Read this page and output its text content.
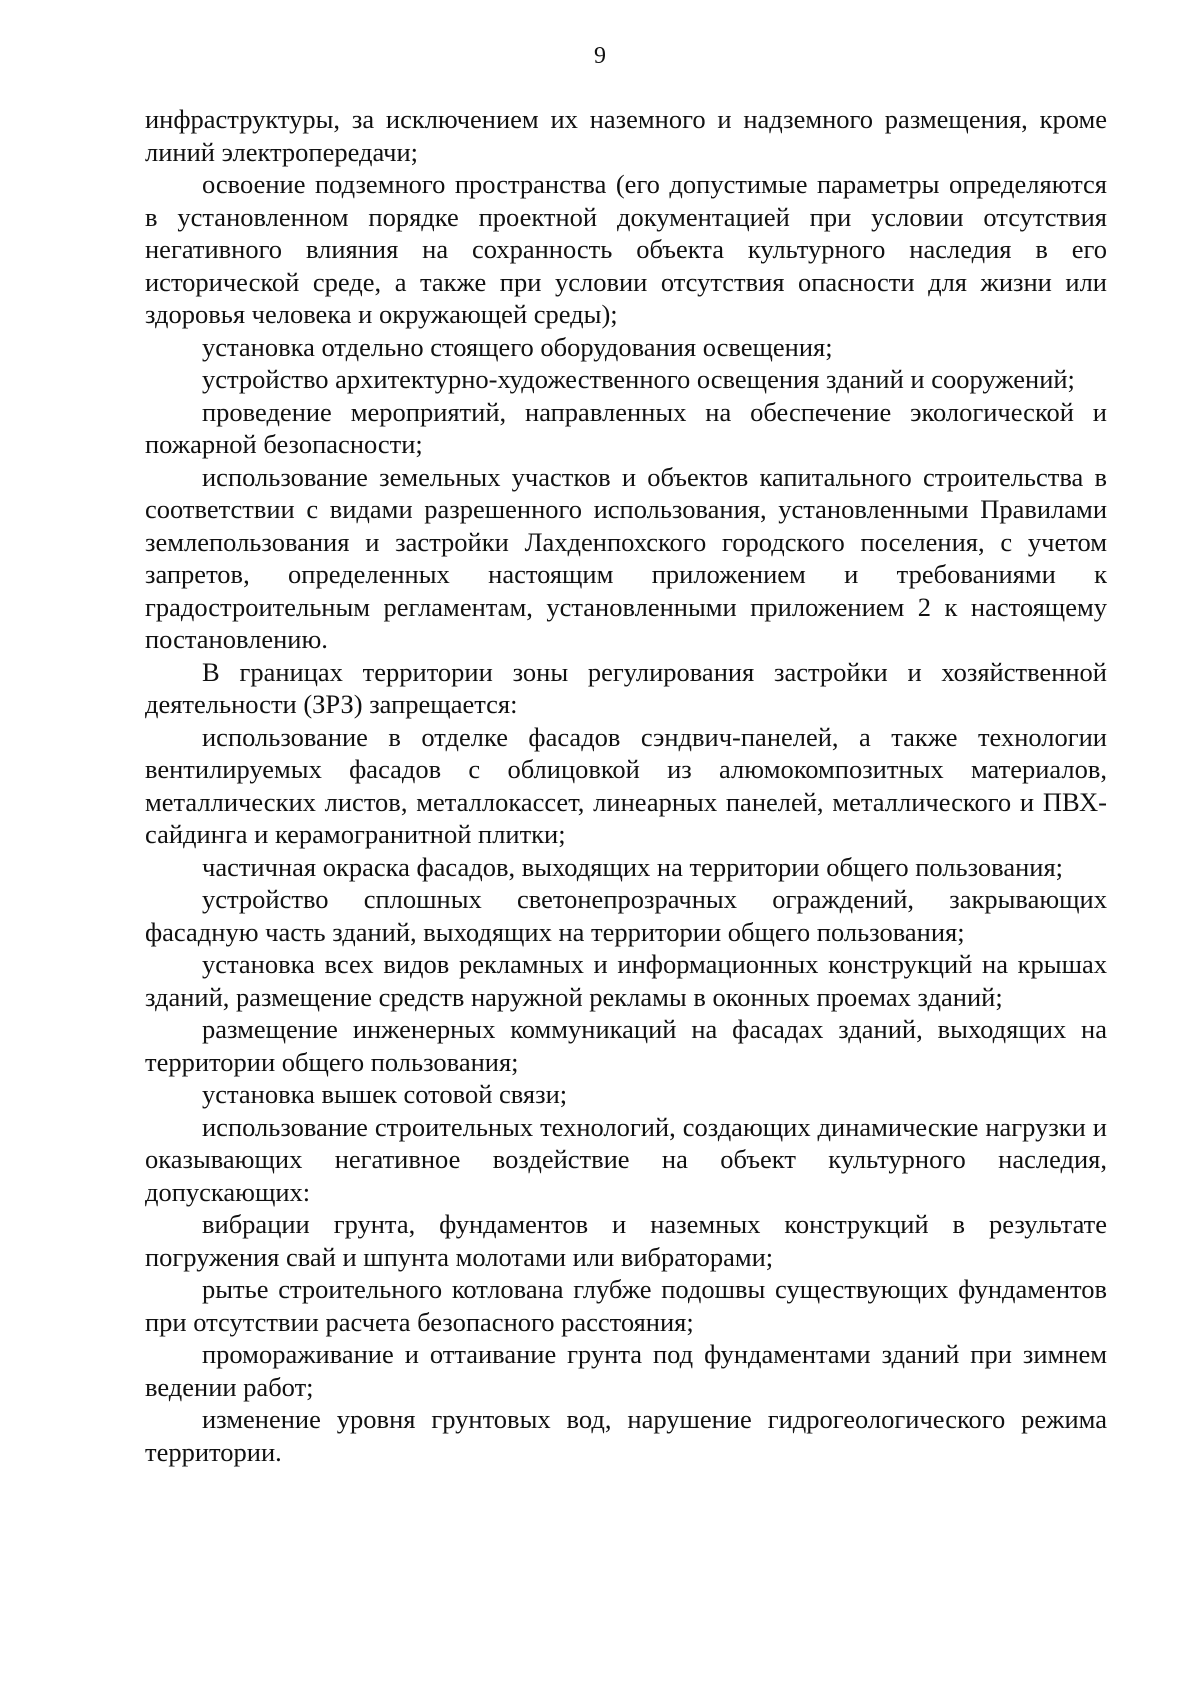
9

инфраструктуры, за исключением их наземного и надземного размещения, кроме линий электропередачи;

освоение подземного пространства (его допустимые параметры определяются в установленном порядке проектной документацией при условии отсутствия негативного влияния на сохранность объекта культурного наследия в его исторической среде, а также при условии отсутствия опасности для жизни или здоровья человека и окружающей среды);

установка отдельно стоящего оборудования освещения;

устройство архитектурно-художественного освещения зданий и сооружений;

проведение мероприятий, направленных на обеспечение экологической и пожарной безопасности;

использование земельных участков и объектов капитального строительства в соответствии с видами разрешенного использования, установленными Правилами землепользования и застройки Лахденпохского городского поселения, с учетом запретов, определенных настоящим приложением и требованиями к градостроительным регламентам, установленными приложением 2 к настоящему постановлению.

В границах территории зоны регулирования застройки и хозяйственной деятельности (ЗРЗ) запрещается:

использование в отделке фасадов сэндвич-панелей, а также технологии вентилируемых фасадов с облицовкой из алюмокомпозитных материалов, металлических листов, металлокассет, линеарных панелей, металлического и ПВХ-сайдинга и керамогранитной плитки;

частичная окраска фасадов, выходящих на территории общего пользования;

устройство сплошных светонепрозрачных ограждений, закрывающих фасадную часть зданий, выходящих на территории общего пользования;

установка всех видов рекламных и информационных конструкций на крышах зданий, размещение средств наружной рекламы в оконных проемах зданий;

размещение инженерных коммуникаций на фасадах зданий, выходящих на территории общего пользования;

установка вышек сотовой связи;

использование строительных технологий, создающих динамические нагрузки и оказывающих негативное воздействие на объект культурного наследия, допускающих:

вибрации грунта, фундаментов и наземных конструкций в результате погружения свай и шпунта молотами или вибраторами;

рытье строительного котлована глубже подошвы существующих фундаментов при отсутствии расчета безопасного расстояния;

промораживание и оттаивание грунта под фундаментами зданий при зимнем ведении работ;

изменение уровня грунтовых вод, нарушение гидрогеологического режима территории.
